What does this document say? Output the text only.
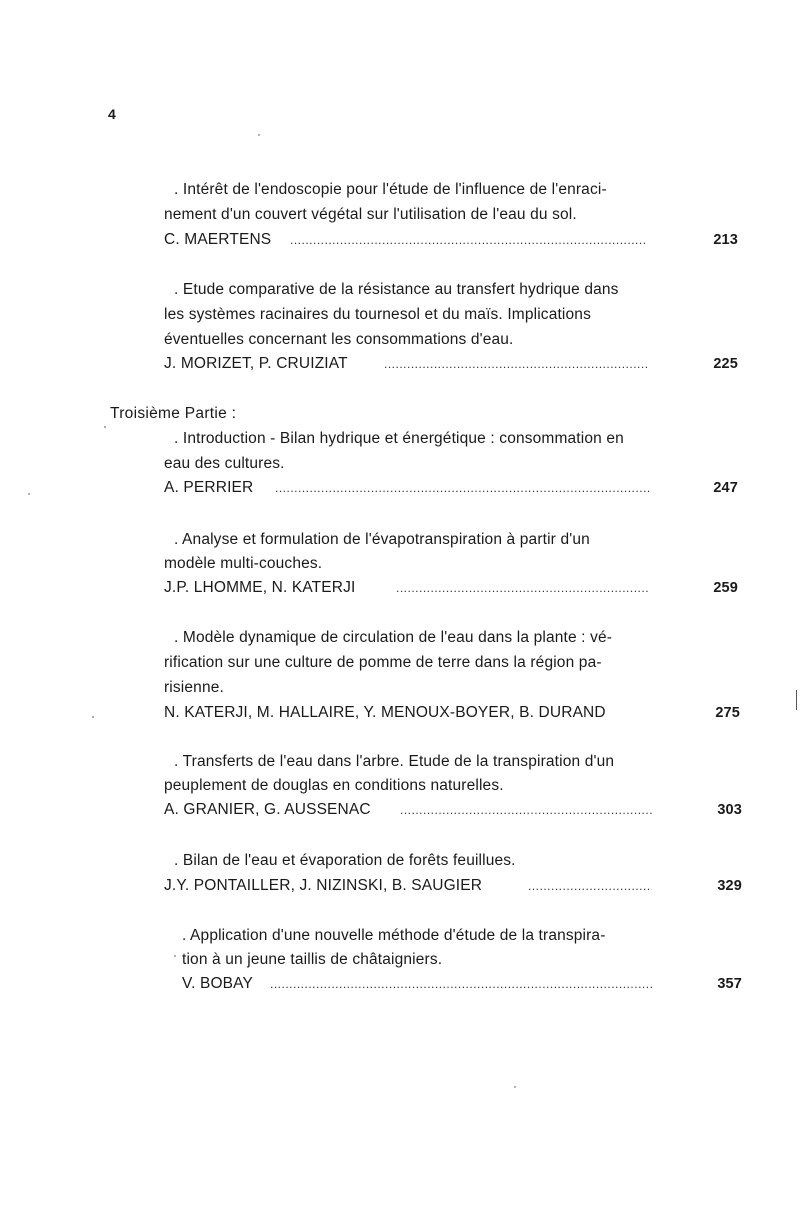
4
. Intérêt de l'endoscopie pour l'étude de l'influence de l'enraci-
nement d'un couvert végétal sur l'utilisation de l'eau du sol.
C. MAERTENS .....	213
. Etude comparative de la résistance au transfert hydrique dans
les systèmes racinaires du tournesol et du maïs. Implications
éventuelles concernant les consommations d'eau.
J. MORIZET, P. CRUIZIAT .....	225
Troisième Partie :
. Introduction - Bilan hydrique et énergétique : consommation en
eau des cultures.
A. PERRIER .....	247
. Analyse et formulation de l'évapotranspiration à partir d'un
modèle multi-couches.
J.P. LHOMME, N. KATERJI .....	259
. Modèle dynamique de circulation de l'eau dans la plante : vé-
rification sur une culture de pomme de terre dans la région pa-
risienne.
N. KATERJI, M. HALLAIRE, Y. MENOUX-BOYER, B. DURAND	275
. Transferts de l'eau dans l'arbre. Etude de la transpiration d'un
peuplement de douglas en conditions naturelles.
A. GRANIER, G. AUSSENAC .....	303
. Bilan de l'eau et évaporation de forêts feuillues.
J.Y. PONTAILLER, J. NIZINSKI, B. SAUGIER .....	329
. Application d'une nouvelle méthode d'étude de la transpira-
tion à un jeune taillis de châtaigniers.
V. BOBAY .....	357
